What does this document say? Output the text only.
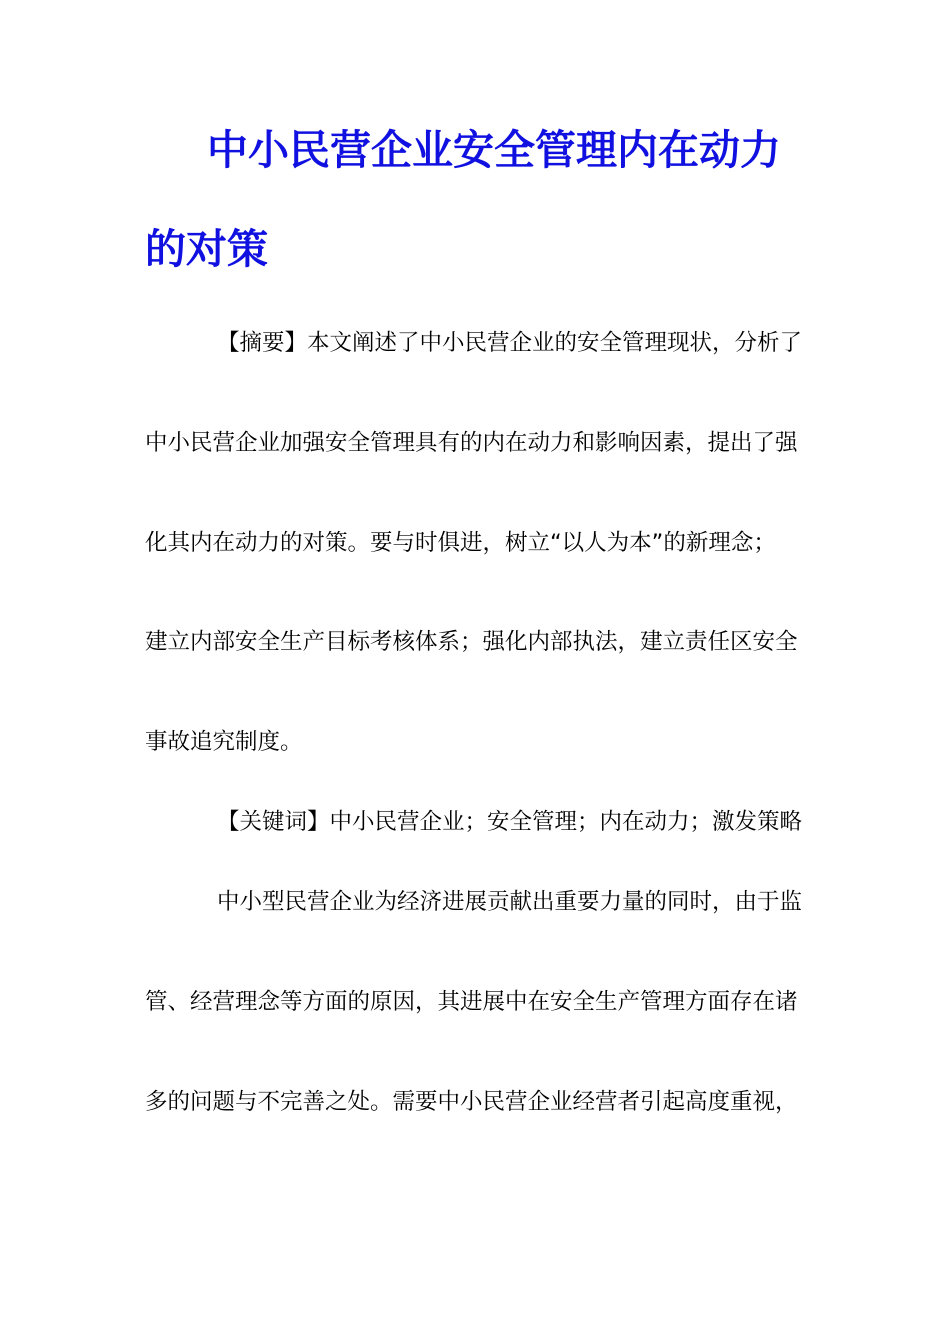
中小民营企业安全管理内在动力
的对策

【摘要】本文阐述了中小民营企业的安全管理现状，分析了

中小民营企业加强安全管理具有的内在动力和影响因素，提出了强

化其内在动力的对策。要与时俱进，树立“以人为本”的新理念；

建立内部安全生产目标考核体系；强化内部执法，建立责任区安全

事故追究制度。

【关键词】中小民营企业；安全管理；内在动力；激发策略

中小型民营企业为经济进展贡献出重要力量的同时，由于监

管、经营理念等方面的原因，其进展中在安全生产管理方面存在诸

多的问题与不完善之处。需要中小民营企业经营者引起高度重视，
